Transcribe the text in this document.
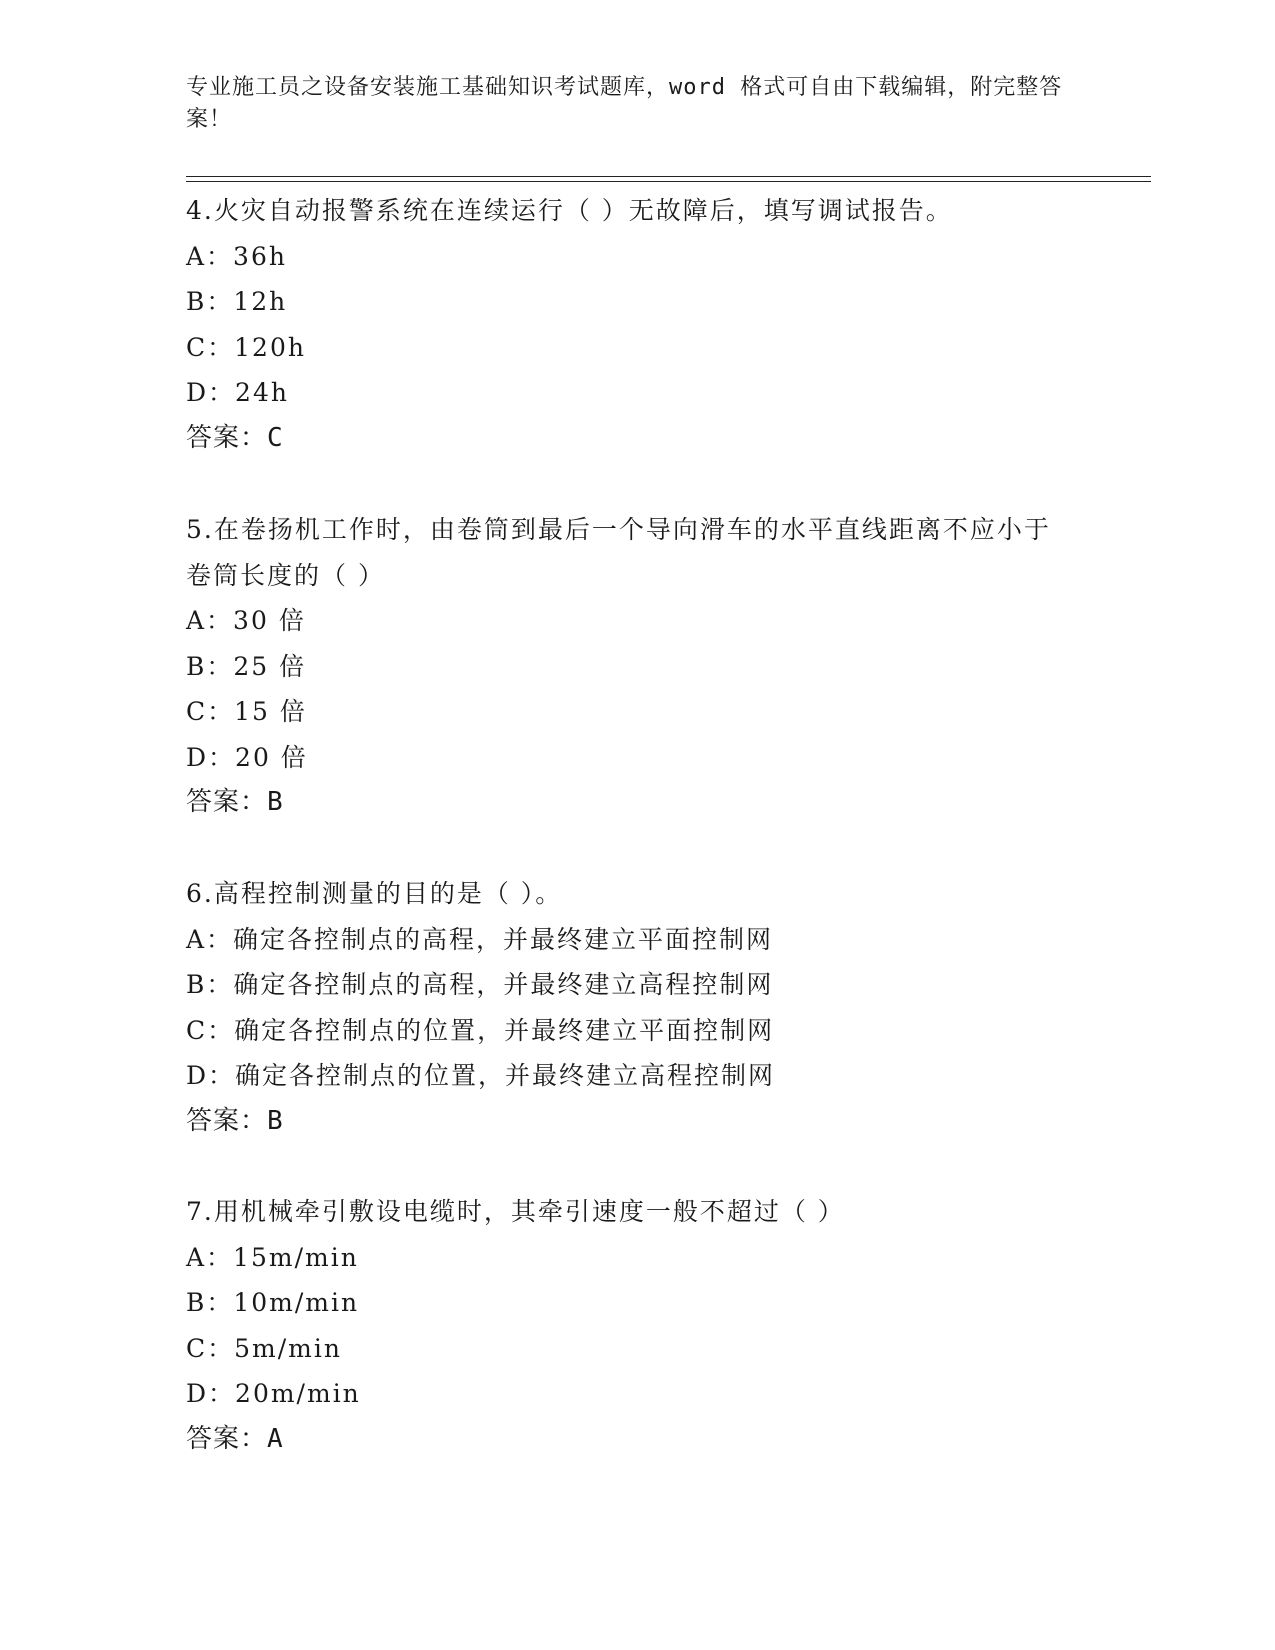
专业施工员之设备安装施工基础知识考试题库，word 格式可自由下载编辑，附完整答案！
4.火灾自动报警系统在连续运行（ ）无故障后，填写调试报告。
A：36h
B：12h
C：120h
D：24h
答案：C
5.在卷扬机工作时，由卷筒到最后一个导向滑车的水平直线距离不应小于卷筒长度的（ ）
A：30 倍
B：25 倍
C：15 倍
D：20 倍
答案：B
6.高程控制测量的目的是（ ）。
A：确定各控制点的高程，并最终建立平面控制网
B：确定各控制点的高程，并最终建立高程控制网
C：确定各控制点的位置，并最终建立平面控制网
D：确定各控制点的位置，并最终建立高程控制网
答案：B
7.用机械牵引敷设电缆时，其牵引速度一般不超过（ ）
A：15m/min
B：10m/min
C：5m/min
D：20m/min
答案：A
